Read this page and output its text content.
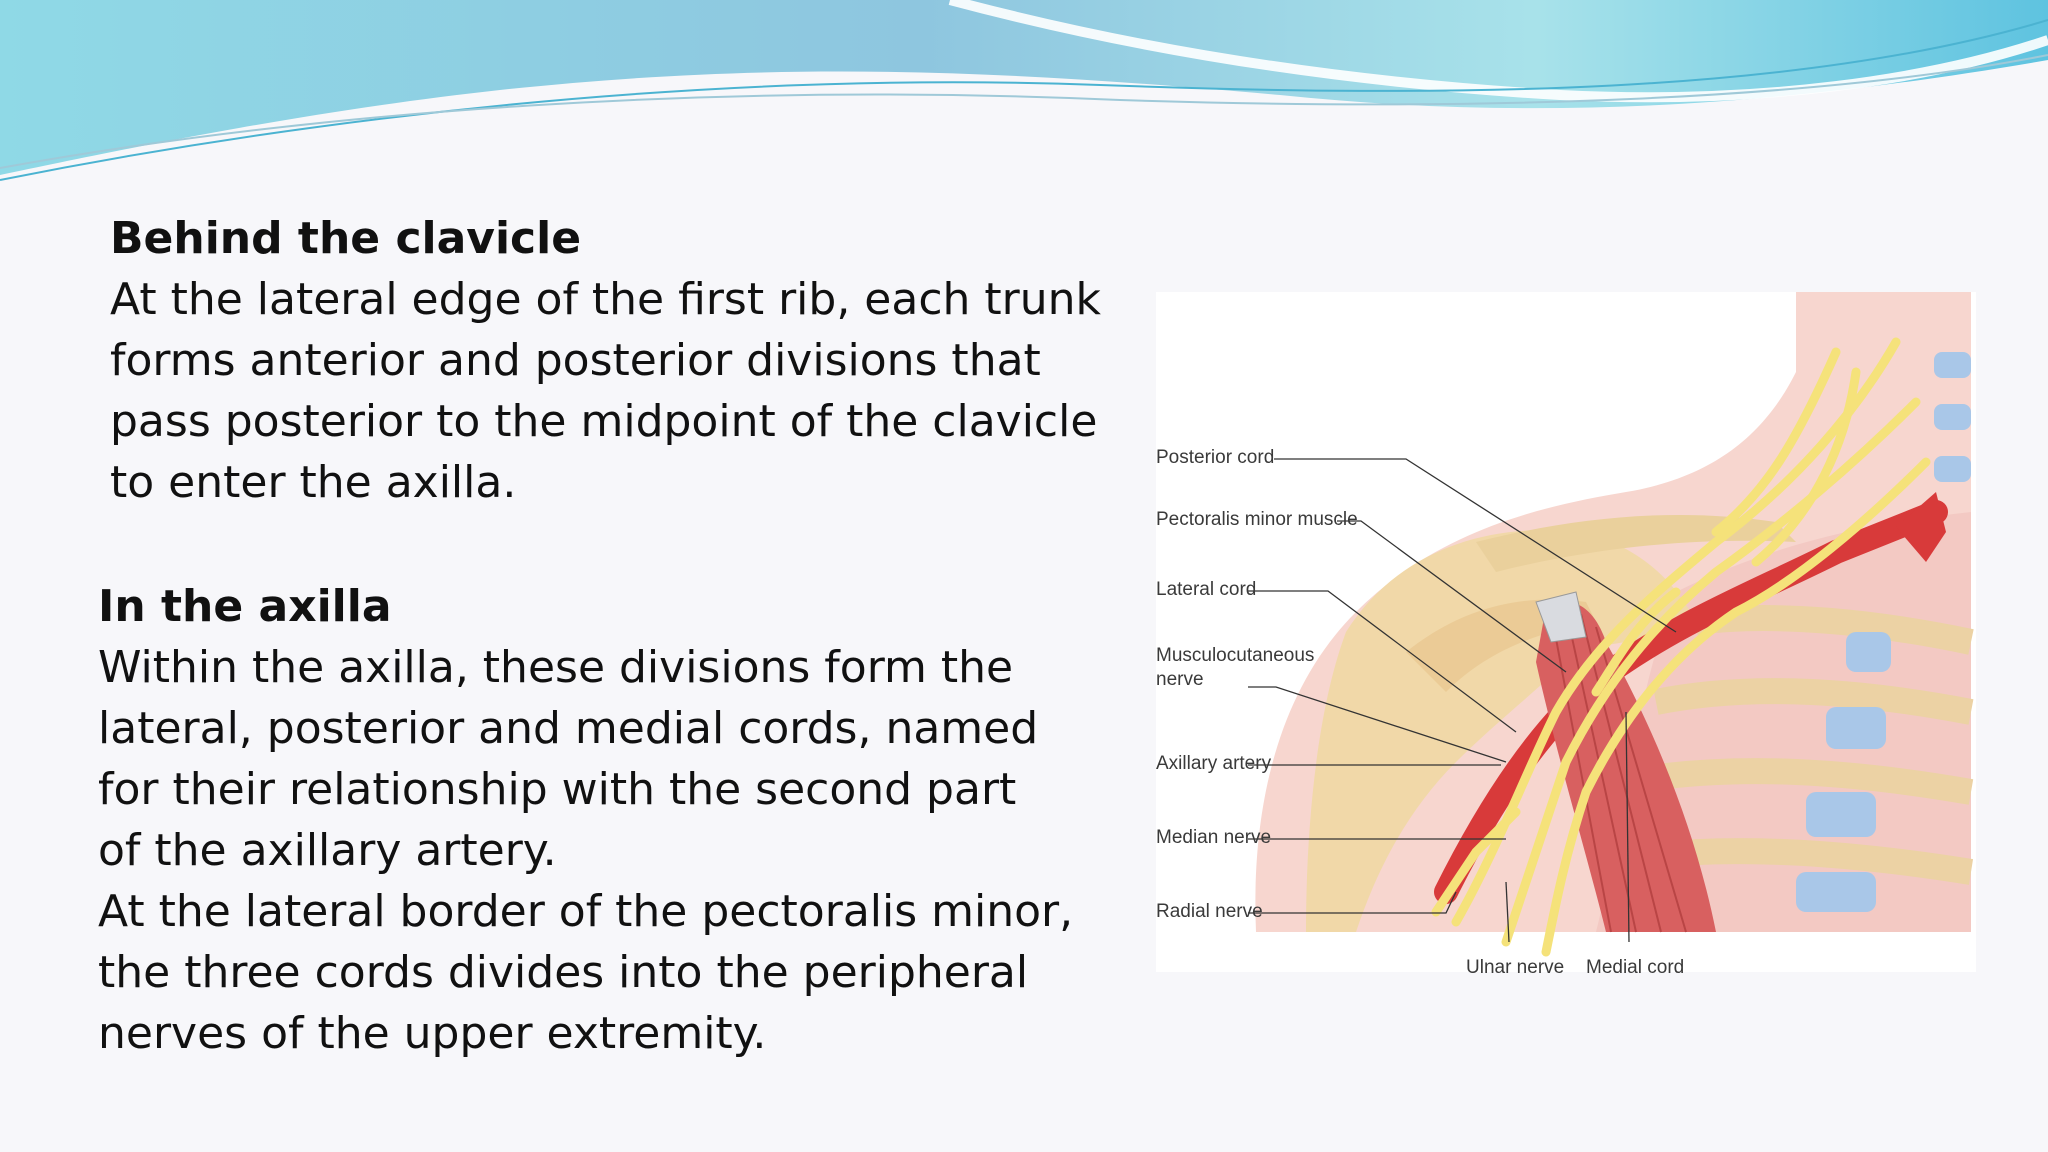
Behind the clavicle

At the lateral edge of the first rib, each trunk

forms anterior and posterior divisions that

pass posterior to the midpoint of the clavicle

to enter the axilla.

In the axilla

Within the axilla, these divisions form the

lateral, posterior and medial cords, named

for their relationship with the second part

of the axillary artery.

At the lateral border of the pectoralis minor,

the three cords divides into the peripheral

nerves of the upper extremity.

Posterior cord
Pectoralis minor muscle
Lateral cord
Musculocutaneous
nerve
Axillary artery
Median nerve
Radial nerve
Ulnar nerve Medial cord
